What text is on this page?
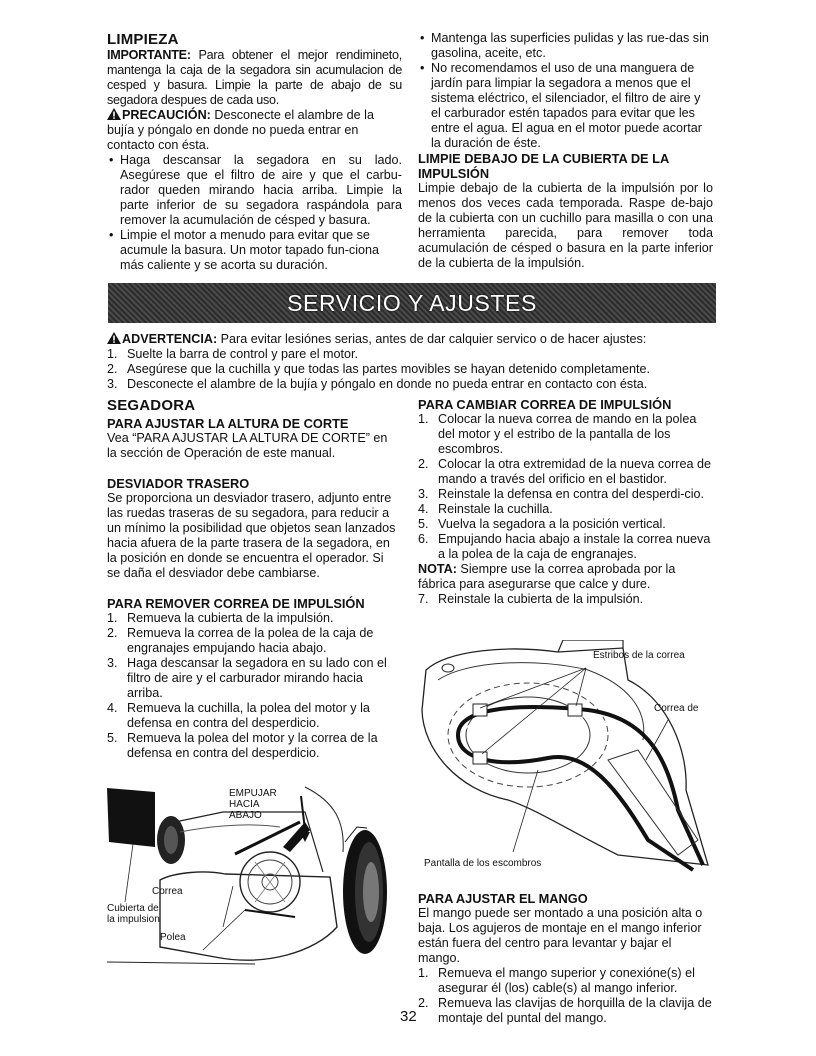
LIMPIEZA

IMPORTANTE: Para obtener el mejor rendimineto, mantenga la caja de la segadora sin acumulacion de cesped y basura. Limpie la parte de abajo de su segadora despues de cada uso.

PRECAUCIÓN: Desconecte el alambre de la bujía y póngalo en donde no pueda entrar en contacto con ésta.

• Haga descansar la segadora en su lado. Asegúrese que el filtro de aire y que el carbu-rador queden mirando hacia arriba. Limpie la parte inferior de su segadora raspándola para remover la acumulación de césped y basura.
• Limpie el motor a menudo para evitar que se acumule la basura. Un motor tapado fun-ciona más caliente y se acorta su duración.
• Mantenga las superficies pulidas y las rue-das sin gasolina, aceite, etc.
• No recomendamos el uso de una manguera de jardín para limpiar la segadora a menos que el sistema eléctrico, el silenciador, el filtro de aire y el carburador estén tapados para evitar que les entre el agua. El agua en el motor puede acortar la duración de éste.

LIMPIE DEBAJO DE LA CUBIERTA DE LA IMPULSIÓN

Limpie debajo de la cubierta de la impulsión por lo menos dos veces cada temporada. Raspe de-bajo de la cubierta con un cuchillo para masilla o con una herramienta parecida, para remover toda acumulación de césped o basura en la parte inferior de la cubierta de la impulsión.

SERVICIO Y AJUSTES

ADVERTENCIA: Para evitar lesiónes serias, antes de dar calquier servico o de hacer ajustes:

1. Suelte la barra de control y pare el motor.
2. Asegúrese que la cuchilla y que todas las partes movibles se hayan detenido completamente.
3. Desconecte el alambre de la bujía y póngalo en donde no pueda entrar en contacto con ésta.

SEGADORA

PARA AJUSTAR LA ALTURA DE CORTE

Vea “PARA AJUSTAR LA ALTURA DE CORTE” en la sección de Operación de este manual.

DESVIADOR TRASERO

Se proporciona un desviador trasero, adjunto entre las ruedas traseras de su segadora, para reducir a un mínimo la posibilidad que objetos sean lanzados hacia afuera de la parte trasera de la segadora, en la posición en donde se encuentra el operador. Si se daña el desviador debe cambiarse.

PARA REMOVER CORREA DE IMPULSIÓN

1. Remueva la cubierta de la impulsión.
2. Remueva la correa de la polea de la caja de engranajes empujando hacia abajo.
3. Haga descansar la segadora en su lado con el filtro de aire y el carburador mirando hacia arriba.
4. Remueva la cuchilla, la polea del motor y la defensa en contra del desperdicio.
5. Remueva la polea del motor y la correa de la defensa en contra del desperdicio.
EMPUJAR
HACIA
ABAJO
Correa
Cubierta de
la impulsion
Polea

PARA CAMBIAR CORREA DE IMPULSIÓN

1. Colocar la nueva correa de mando en la polea del motor y el estribo de la pantalla de los escombros.
2. Colocar la otra extremidad de la nueva correa de mando a través del orificio en el bastidor.
3. Reinstale la defensa en contra del desperdi-cio.
4. Reinstale la cuchilla.
5. Vuelva la segadora a la posición vertical.
6. Empujando hacia abajo a instale la correa nueva a la polea de la caja de engranajes.

NOTA: Siempre use la correa aprobada por la fábrica para asegurarse que calce y dure.

7. Reinstale la cubierta de la impulsión.
Estribos de la correa
Correa de
Pantalla de los escombros

PARA AJUSTAR EL MANGO

El mango puede ser montado a una posición alta o baja. Los agujeros de montaje en el mango inferior están fuera del centro para levantar y bajar el mango.

1. Remueva el mango superior y conexióne(s) el asegurar él (los) cable(s) al mango inferior.
2. Remueva las clavijas de horquilla de la clavija de montaje del puntal del mango.
32
